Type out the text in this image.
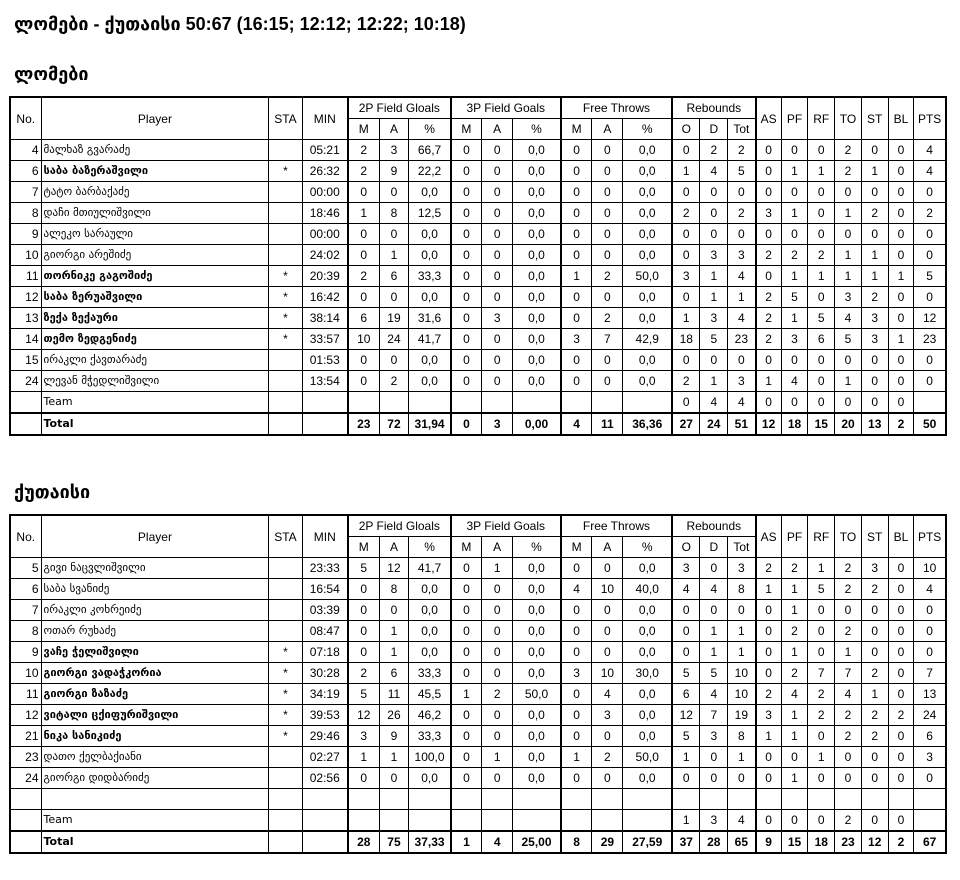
ლომები - ქუთაისი 50:67 (16:15; 12:12; 12:22; 10:18)
ლომები
No.	Player	STA	MIN	2P Field Gloals			3P Field Goals			Free Throws			Rebounds			AS	PF	RF	TO	ST	BL	PTS
				M	A	%	M	A	%	M	A	%	O	D	Tot							
4	მალხაზ გვარაძე		05:21	2	3	66,7	0	0	0,0	0	0	0,0	0	2	2	0	0	0	2	0	0	4
6	საბა ბაზერაშვილი	*	26:32	2	9	22,2	0	0	0,0	0	0	0,0	1	4	5	0	1	1	2	1	0	4
7	ტატო ბარბაქაძე		00:00	0	0	0,0	0	0	0,0	0	0	0,0	0	0	0	0	0	0	0	0	0	0
8	დაჩი მთიულიშვილი		18:46	1	8	12,5	0	0	0,0	0	0	0,0	2	0	2	3	1	0	1	2	0	2
9	ალეკო სარაული		00:00	0	0	0,0	0	0	0,0	0	0	0,0	0	0	0	0	0	0	0	0	0	0
10	გიორგი არეშიძე		24:02	0	1	0,0	0	0	0,0	0	0	0,0	0	3	3	2	2	2	1	1	0	0
11	თორნიკე გაგოშიძე	*	20:39	2	6	33,3	0	0	0,0	1	2	50,0	3	1	4	0	1	1	1	1	1	5
12	საბა ზერუაშვილი	*	16:42	0	0	0,0	0	0	0,0	0	0	0,0	0	1	1	2	5	0	3	2	0	0
13	ზექა ზექაური	*	38:14	6	19	31,6	0	3	0,0	0	2	0,0	1	3	4	2	1	5	4	3	0	12
14	თემო ზედგენიძე	*	33:57	10	24	41,7	0	0	0,0	3	7	42,9	18	5	23	2	3	6	5	3	1	23
15	ირაკლი ქავთარაძე		01:53	0	0	0,0	0	0	0,0	0	0	0,0	0	0	0	0	0	0	0	0	0	0
24	ლევან მჭედლიშვილი		13:54	0	2	0,0	0	0	0,0	0	0	0,0	2	1	3	1	4	0	1	0	0	0
	Team												0	4	4	0	0	0	0	0	0	
	Total			23	72	31,94	0	3	0,00	4	11	36,36	27	24	51	12	18	15	20	13	2	50
ქუთაისი
No.	Player	STA	MIN	2P Field Gloals			3P Field Goals			Free Throws			Rebounds			AS	PF	RF	TO	ST	BL	PTS
				M	A	%	M	A	%	M	A	%	O	D	Tot							
5	გივი ნაცვლიშვილი		23:33	5	12	41,7	0	1	0,0	0	0	0,0	3	0	3	2	2	1	2	3	0	10
6	საბა სვანიძე		16:54	0	8	0,0	0	0	0,0	4	10	40,0	4	4	8	1	1	5	2	2	0	4
7	ირაკლი კოხრეიძე		03:39	0	0	0,0	0	0	0,0	0	0	0,0	0	0	0	0	1	0	0	0	0	0
8	ოთარ რუხაძე		08:47	0	1	0,0	0	0	0,0	0	0	0,0	0	1	1	0	2	0	2	0	0	0
9	ვაჩე ჭელიშვილი	*	07:18	0	1	0,0	0	0	0,0	0	0	0,0	0	1	1	0	1	0	1	0	0	0
10	გიორგი ვადაჭკორია	*	30:28	2	6	33,3	0	0	0,0	3	10	30,0	5	5	10	0	2	7	7	2	0	7
11	გიორგი ზაზაძე	*	34:19	5	11	45,5	1	2	50,0	0	4	0,0	6	4	10	2	4	2	4	1	0	13
12	ვიტალი ცქიფურიშვილი	*	39:53	12	26	46,2	0	0	0,0	0	3	0,0	12	7	19	3	1	2	2	2	2	24
21	ნიკა სანიკიძე	*	29:46	3	9	33,3	0	0	0,0	0	0	0,0	5	3	8	1	1	0	2	2	0	6
23	დათო ქელბაქიანი		02:27	1	1	100,0	0	1	0,0	1	2	50,0	1	0	1	0	0	1	0	0	0	3
24	გიორგი დიდბარიძე		02:56	0	0	0,0	0	0	0,0	0	0	0,0	0	0	0	0	1	0	0	0	0	0

	Team												1	3	4	0	0	0	2	0	0	
	Total			28	75	37,33	1	4	25,00	8	29	27,59	37	28	65	9	15	18	23	12	2	67
